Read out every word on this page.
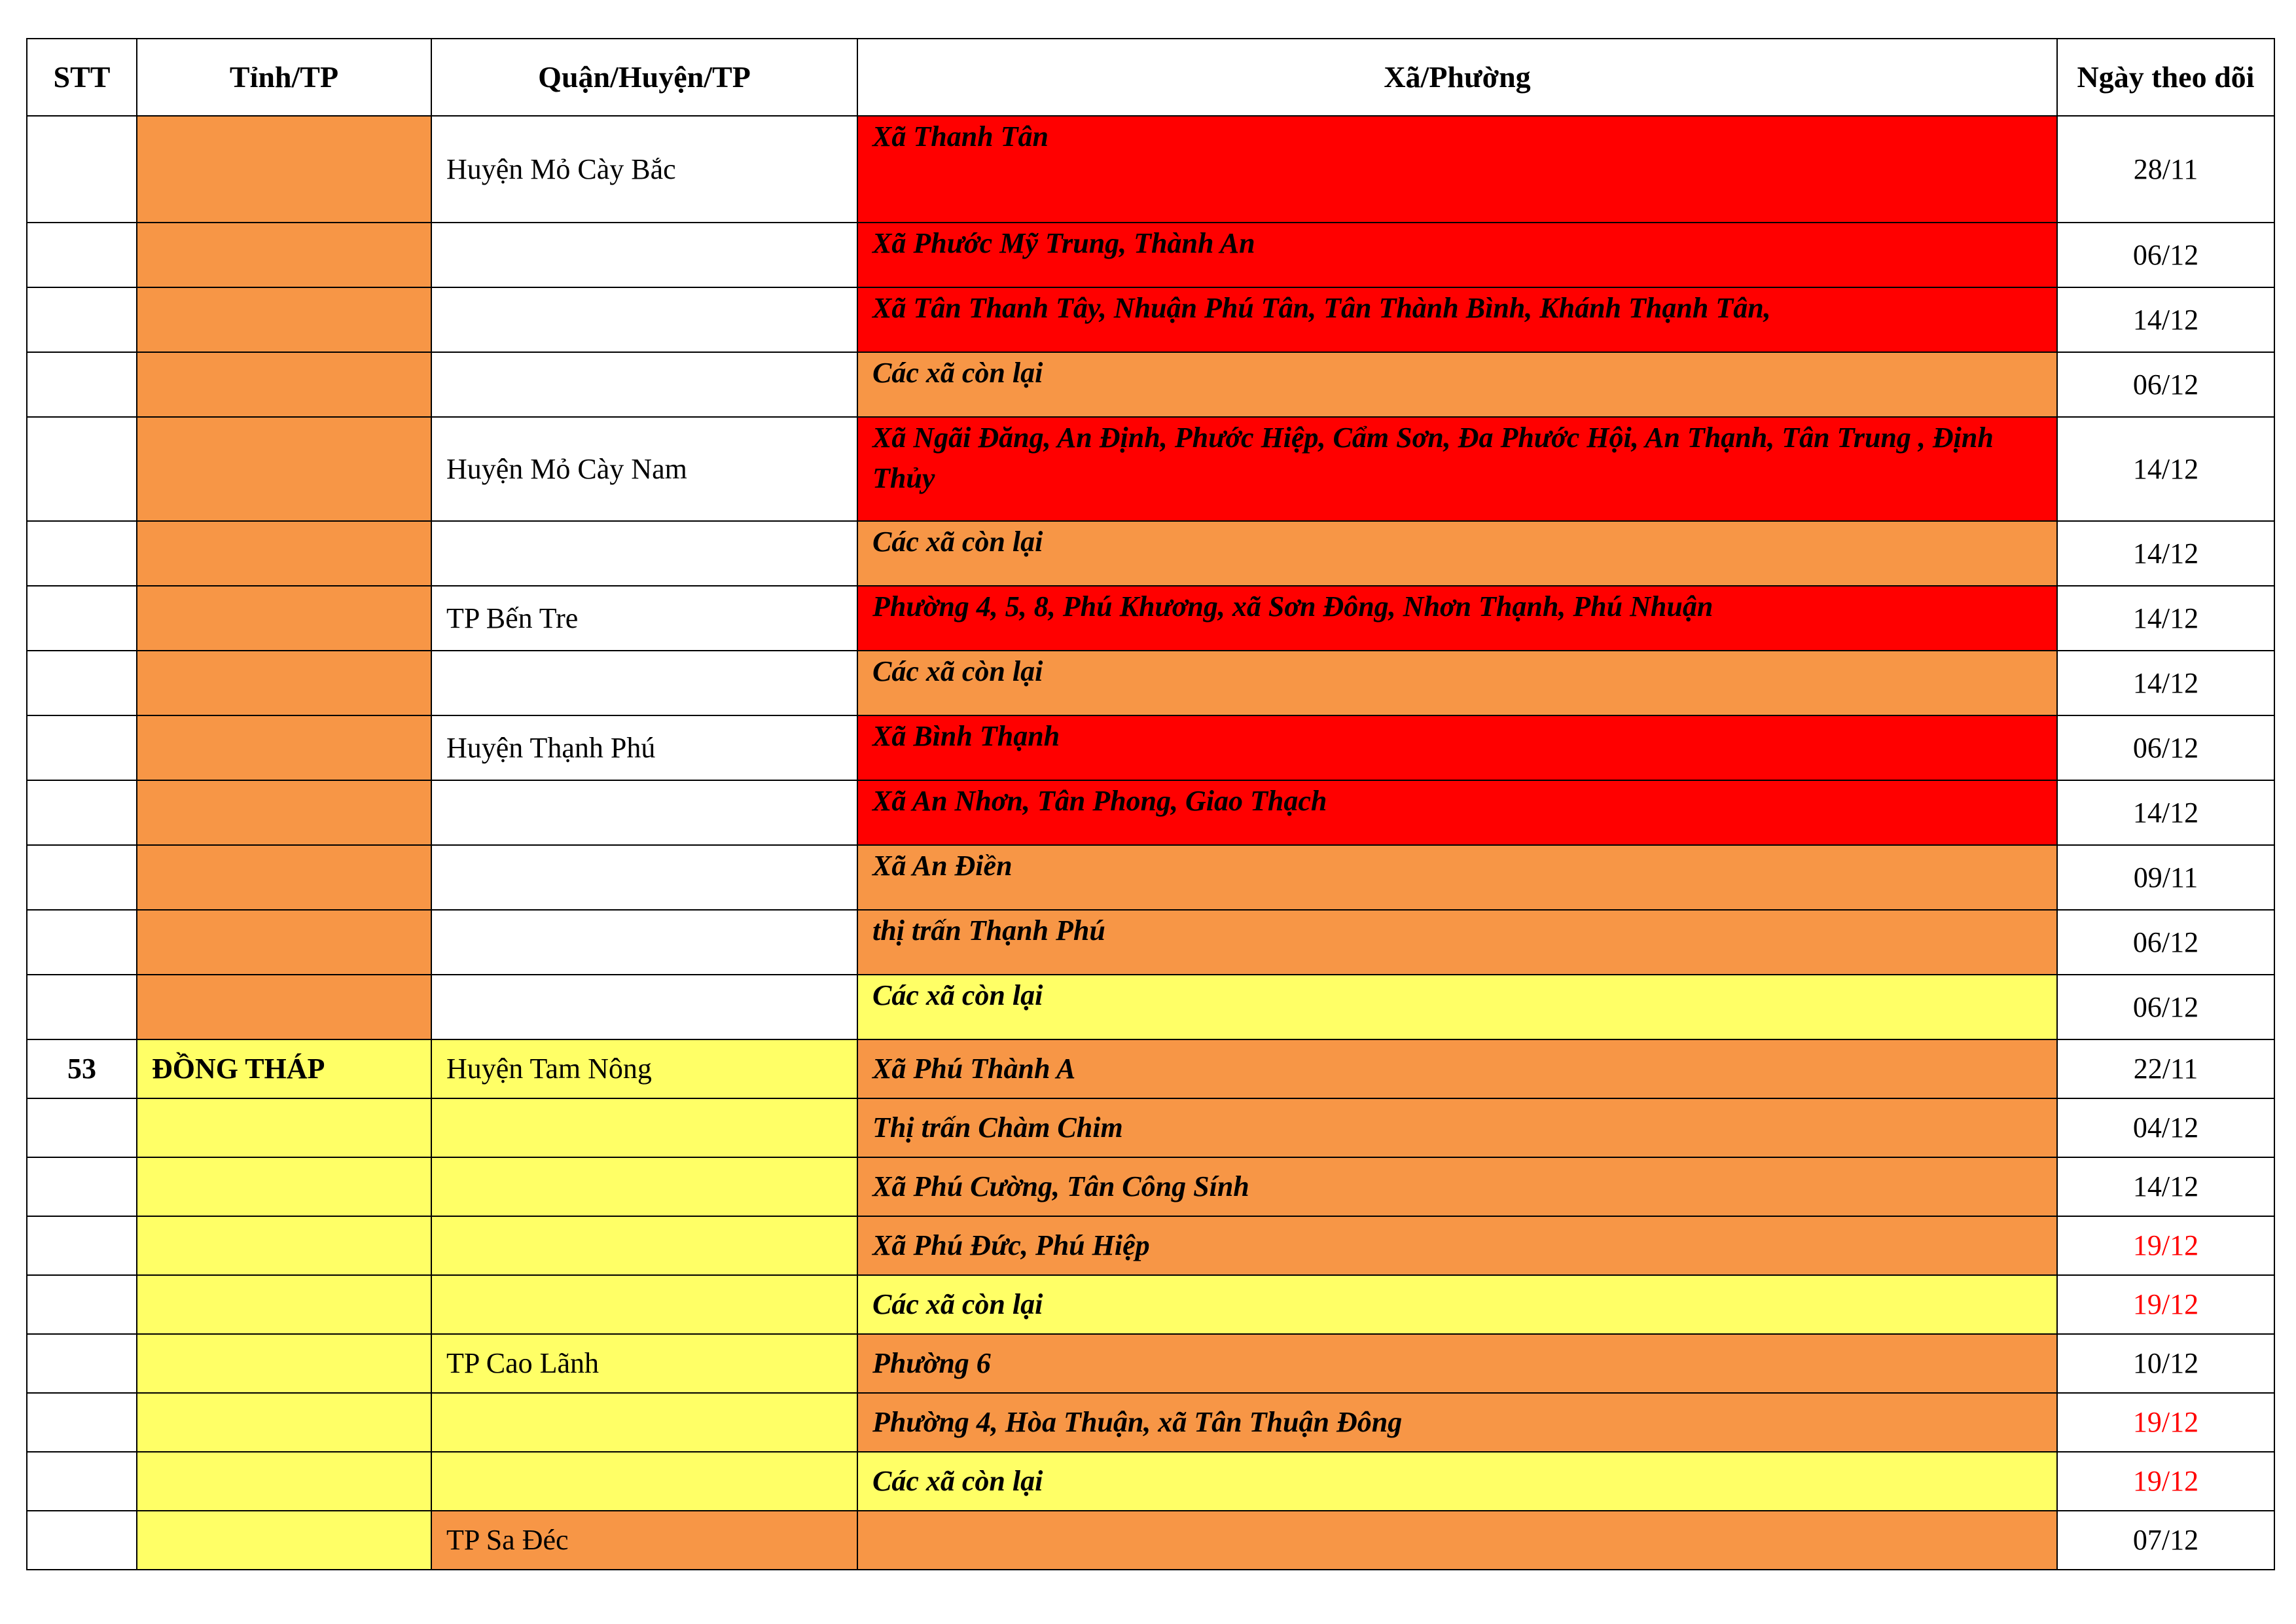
STT	Tỉnh/TP	Quận/Huyện/TP	Xã/Phường	Ngày theo dõi
		Huyện Mỏ Cày Bắc	Xã Thanh Tân	28/11
			Xã Phước Mỹ Trung, Thành An	06/12
			Xã Tân Thanh Tây, Nhuận Phú Tân, Tân Thành Bình, Khánh Thạnh Tân,	14/12
			Các xã còn lại	06/12
		Huyện Mỏ Cày Nam	Xã Ngãi Đăng, An Định, Phước Hiệp, Cẩm Sơn, Đa Phước Hội, An Thạnh, Tân Trung , Định Thủy	14/12
			Các xã còn lại	14/12
		TP Bến Tre	Phường 4, 5, 8, Phú Khương, xã Sơn Đông, Nhơn Thạnh, Phú Nhuận	14/12
			Các xã còn lại	14/12
		Huyện Thạnh Phú	Xã Bình Thạnh	06/12
			Xã An Nhơn, Tân Phong, Giao Thạch	14/12
			Xã An Điền	09/11
			thị trấn Thạnh Phú	06/12
			Các xã còn lại	06/12
53	ĐỒNG THÁP	Huyện Tam Nông	Xã Phú Thành A	22/11
			Thị trấn Chàm Chim	04/12
			Xã Phú Cường, Tân Công Sính	14/12
			Xã Phú Đức, Phú Hiệp	19/12
			Các xã còn lại	19/12
		TP Cao Lãnh	Phường 6	10/12
			Phường 4, Hòa Thuận, xã Tân Thuận Đông	19/12
			Các xã còn lại	19/12
		TP Sa Đéc		07/12
